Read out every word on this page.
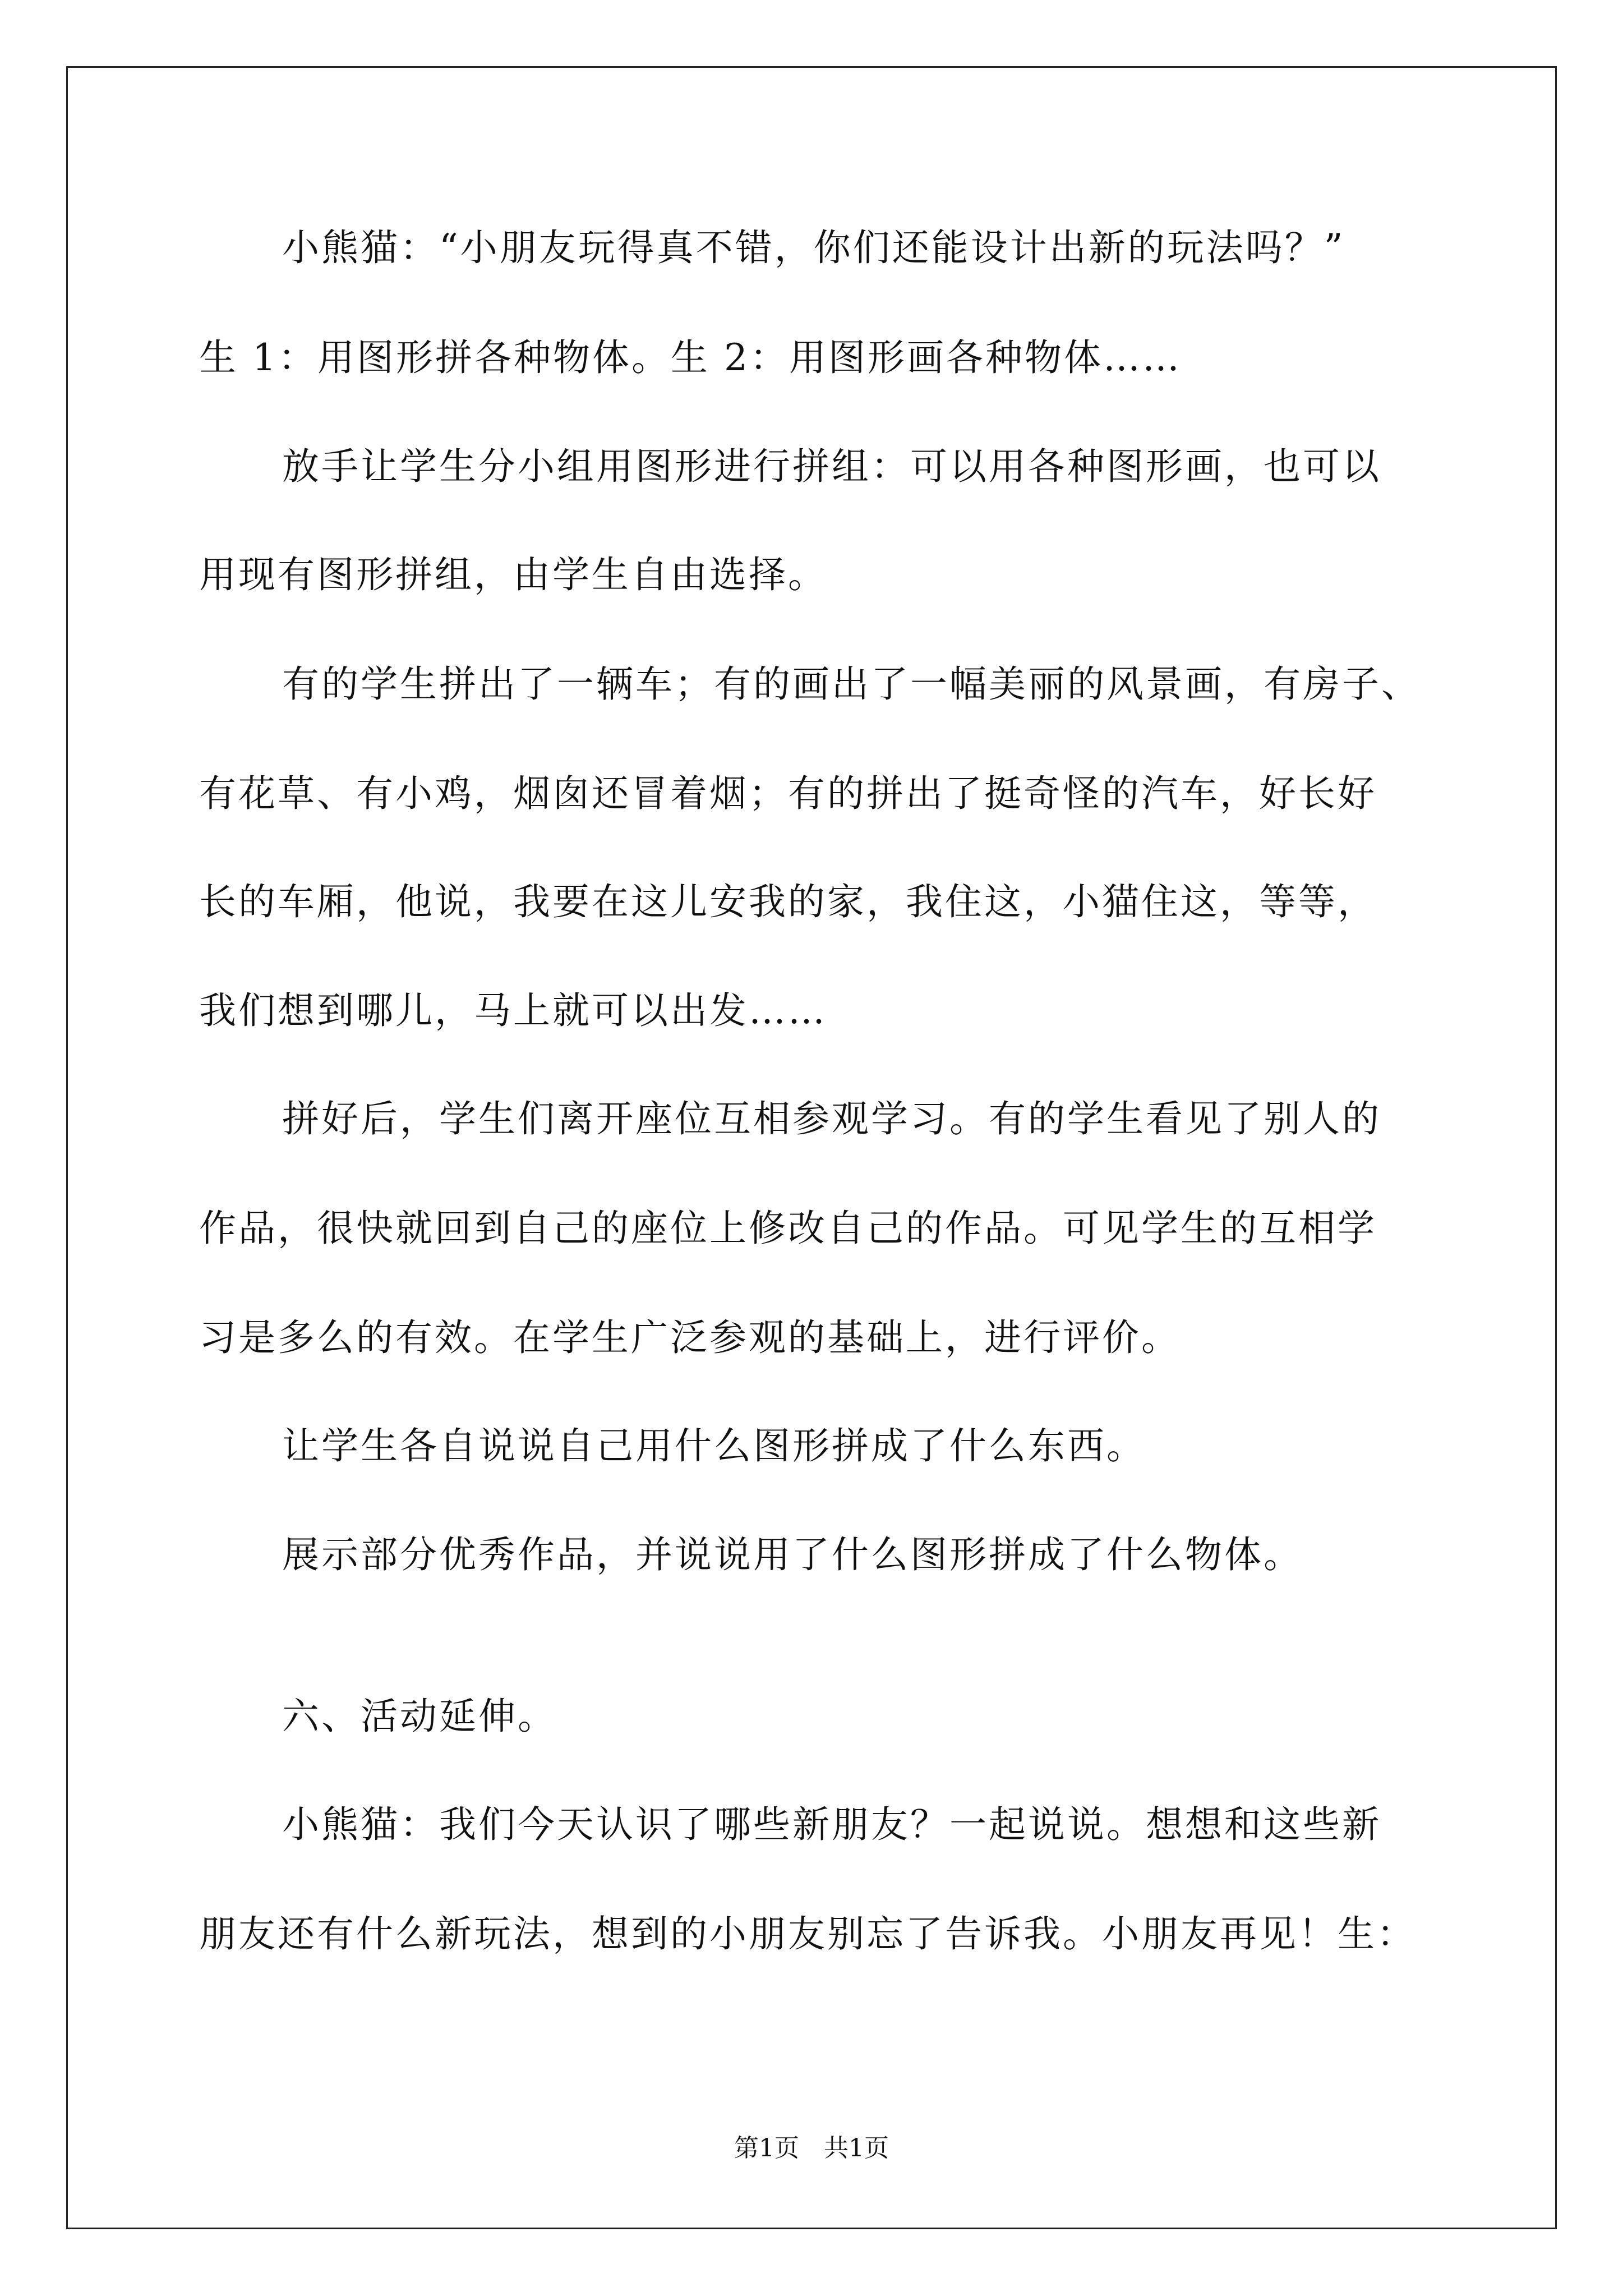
小熊猫：“小朋友玩得真不错，你们还能设计出新的玩法吗？”
生 1：用图形拼各种物体。生 2：用图形画各种物体……
放手让学生分小组用图形进行拼组：可以用各种图形画，也可以
用现有图形拼组，由学生自由选择。
有的学生拼出了一辆车；有的画出了一幅美丽的风景画，有房子、
有花草、有小鸡，烟囱还冒着烟；有的拼出了挺奇怪的汽车，好长好
长的车厢，他说，我要在这儿安我的家，我住这，小猫住这，等等，
我们想到哪儿，马上就可以出发……
拼好后，学生们离开座位互相参观学习。有的学生看见了别人的
作品，很快就回到自己的座位上修改自己的作品。可见学生的互相学
习是多么的有效。在学生广泛参观的基础上，进行评价。
让学生各自说说自己用什么图形拼成了什么东西。
展示部分优秀作品，并说说用了什么图形拼成了什么物体。
六、活动延伸。
小熊猫：我们今天认识了哪些新朋友？一起说说。想想和这些新
朋友还有什么新玩法，想到的小朋友别忘了告诉我。小朋友再见！生：
第1页　共1页
